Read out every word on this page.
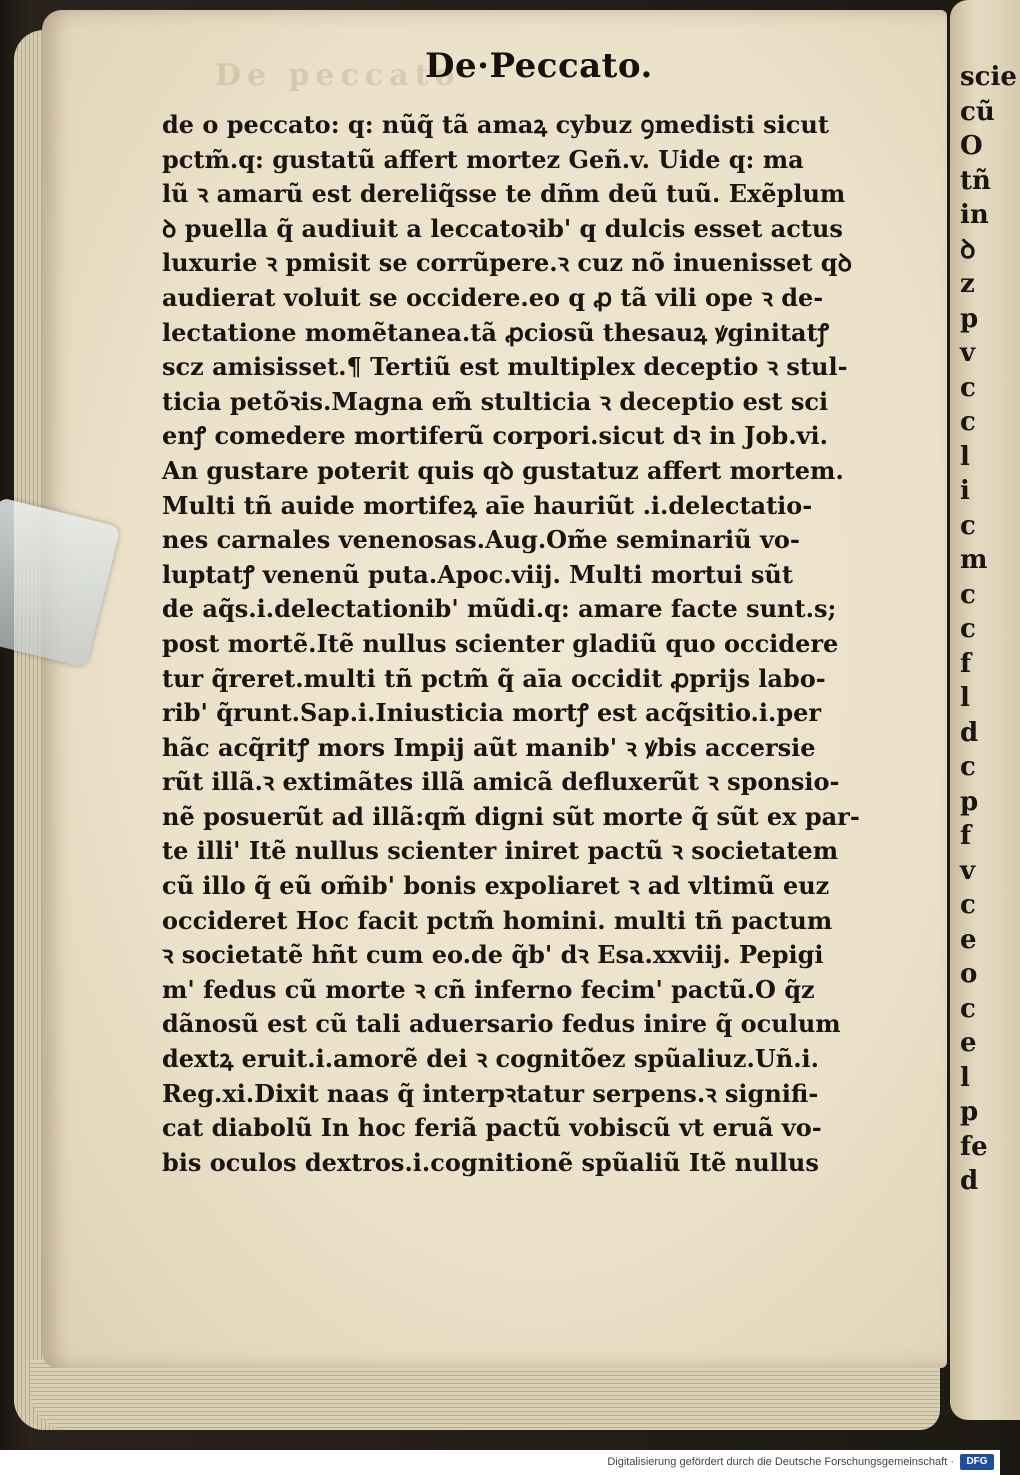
scie
cũ
O
tñ
in
ꝺ
z
p
v
c
c
l
i
c
m
c
c
f
l
d
c
p
f
v
c
e
o
c
e
l
p
fe
d
De peccato
De·Peccato.
de o peccato: q: nũq̃ tã amaꝝ cybuz ꝯmedisti sicut
pctm̃.q: gustatũ affert mortez Geñ.v. Uide q: ma
lũ ꝛ amarũ est dereliq̃sse te dñm deũ tuũ. Exẽplum
ꝺ puella q̃ audiuit a leccatoꝛib' q̧ dulcis esset actus
luxurie ꝛ pmisit se corrũpere.ꝛ cuz nõ inuenisset qꝺ
audierat voluit se occidere.eo q̧ ꝓ tã vili ope ꝛ de-
lectatione momẽtanea.tã ꝓciosũ thesauꝝ ꝟginitatꝭ
scz amisisset.¶ Tertiũ est multiplex deceptio ꝛ stul-
ticia petõꝛis.Magna em̃ stulticia ꝛ deceptio est sci
enꝭ comedere mortiferũ corpori.sicut dꝛ in Job.vi.
An gustare poterit quis qꝺ gustatuz affert mortem.
Multi tñ auide mortifeꝝ aīe hauriũt .i.delectatio-
nes carnales venenosas.Aug.Om̃e seminariũ vo-
luptatꝭ venenũ puta.Apoc.viij. Multi mortui sũt
de aq̃s.i.delectationib' mũdi.q: amare facte sunt.s;
post mortẽ.Itẽ nullus scienter gladiũ quo occidere
tur q̃reret.multi tñ pctm̃ q̃ aīa occidit ꝓprijs labo-
rib' q̃runt.Sap.i.Iniusticia mortꝭ est acq̃sitio.i.per
hãc acq̃ritꝭ mors Impij aũt manib' ꝛ ꝟbis accersie
rũt illã.ꝛ extimãtes illã amicã defluxerũt ꝛ sponsio-
nẽ posuerũt ad illã:qm̃ digni sũt morte q̃ sũt ex par-
te illi' Itẽ nullus scienter iniret pactũ ꝛ societatem
cũ illo q̃ eũ om̃ib' bonis expoliaret ꝛ ad vltimũ euz
occideret Hoc facit pctm̃ homini. multi tñ pactum
ꝛ societatẽ hñt cum eo.de q̃b' dꝛ Esa.xxviij. Pepigi
m' fedus cũ morte ꝛ cñ inferno fecim' pactũ.O q̃z
dãnosũ est cũ tali aduersario fedus inire q̃ oculum
dextꝝ eruit.i.amorẽ dei ꝛ cognitõez spũaliuz.Uñ.i.
Reg.xi.Dixit naas q̃ interpꝛtatur serpens.ꝛ signifi-
cat diabolũ In hoc feriã pactũ vobiscũ vt eruã vo-
bis oculos dextros.i.cognitionẽ spũaliũ Itẽ nullus
Digitalisierung gefördert durch die Deutsche Forschungsgemeinschaft ·	DFG
